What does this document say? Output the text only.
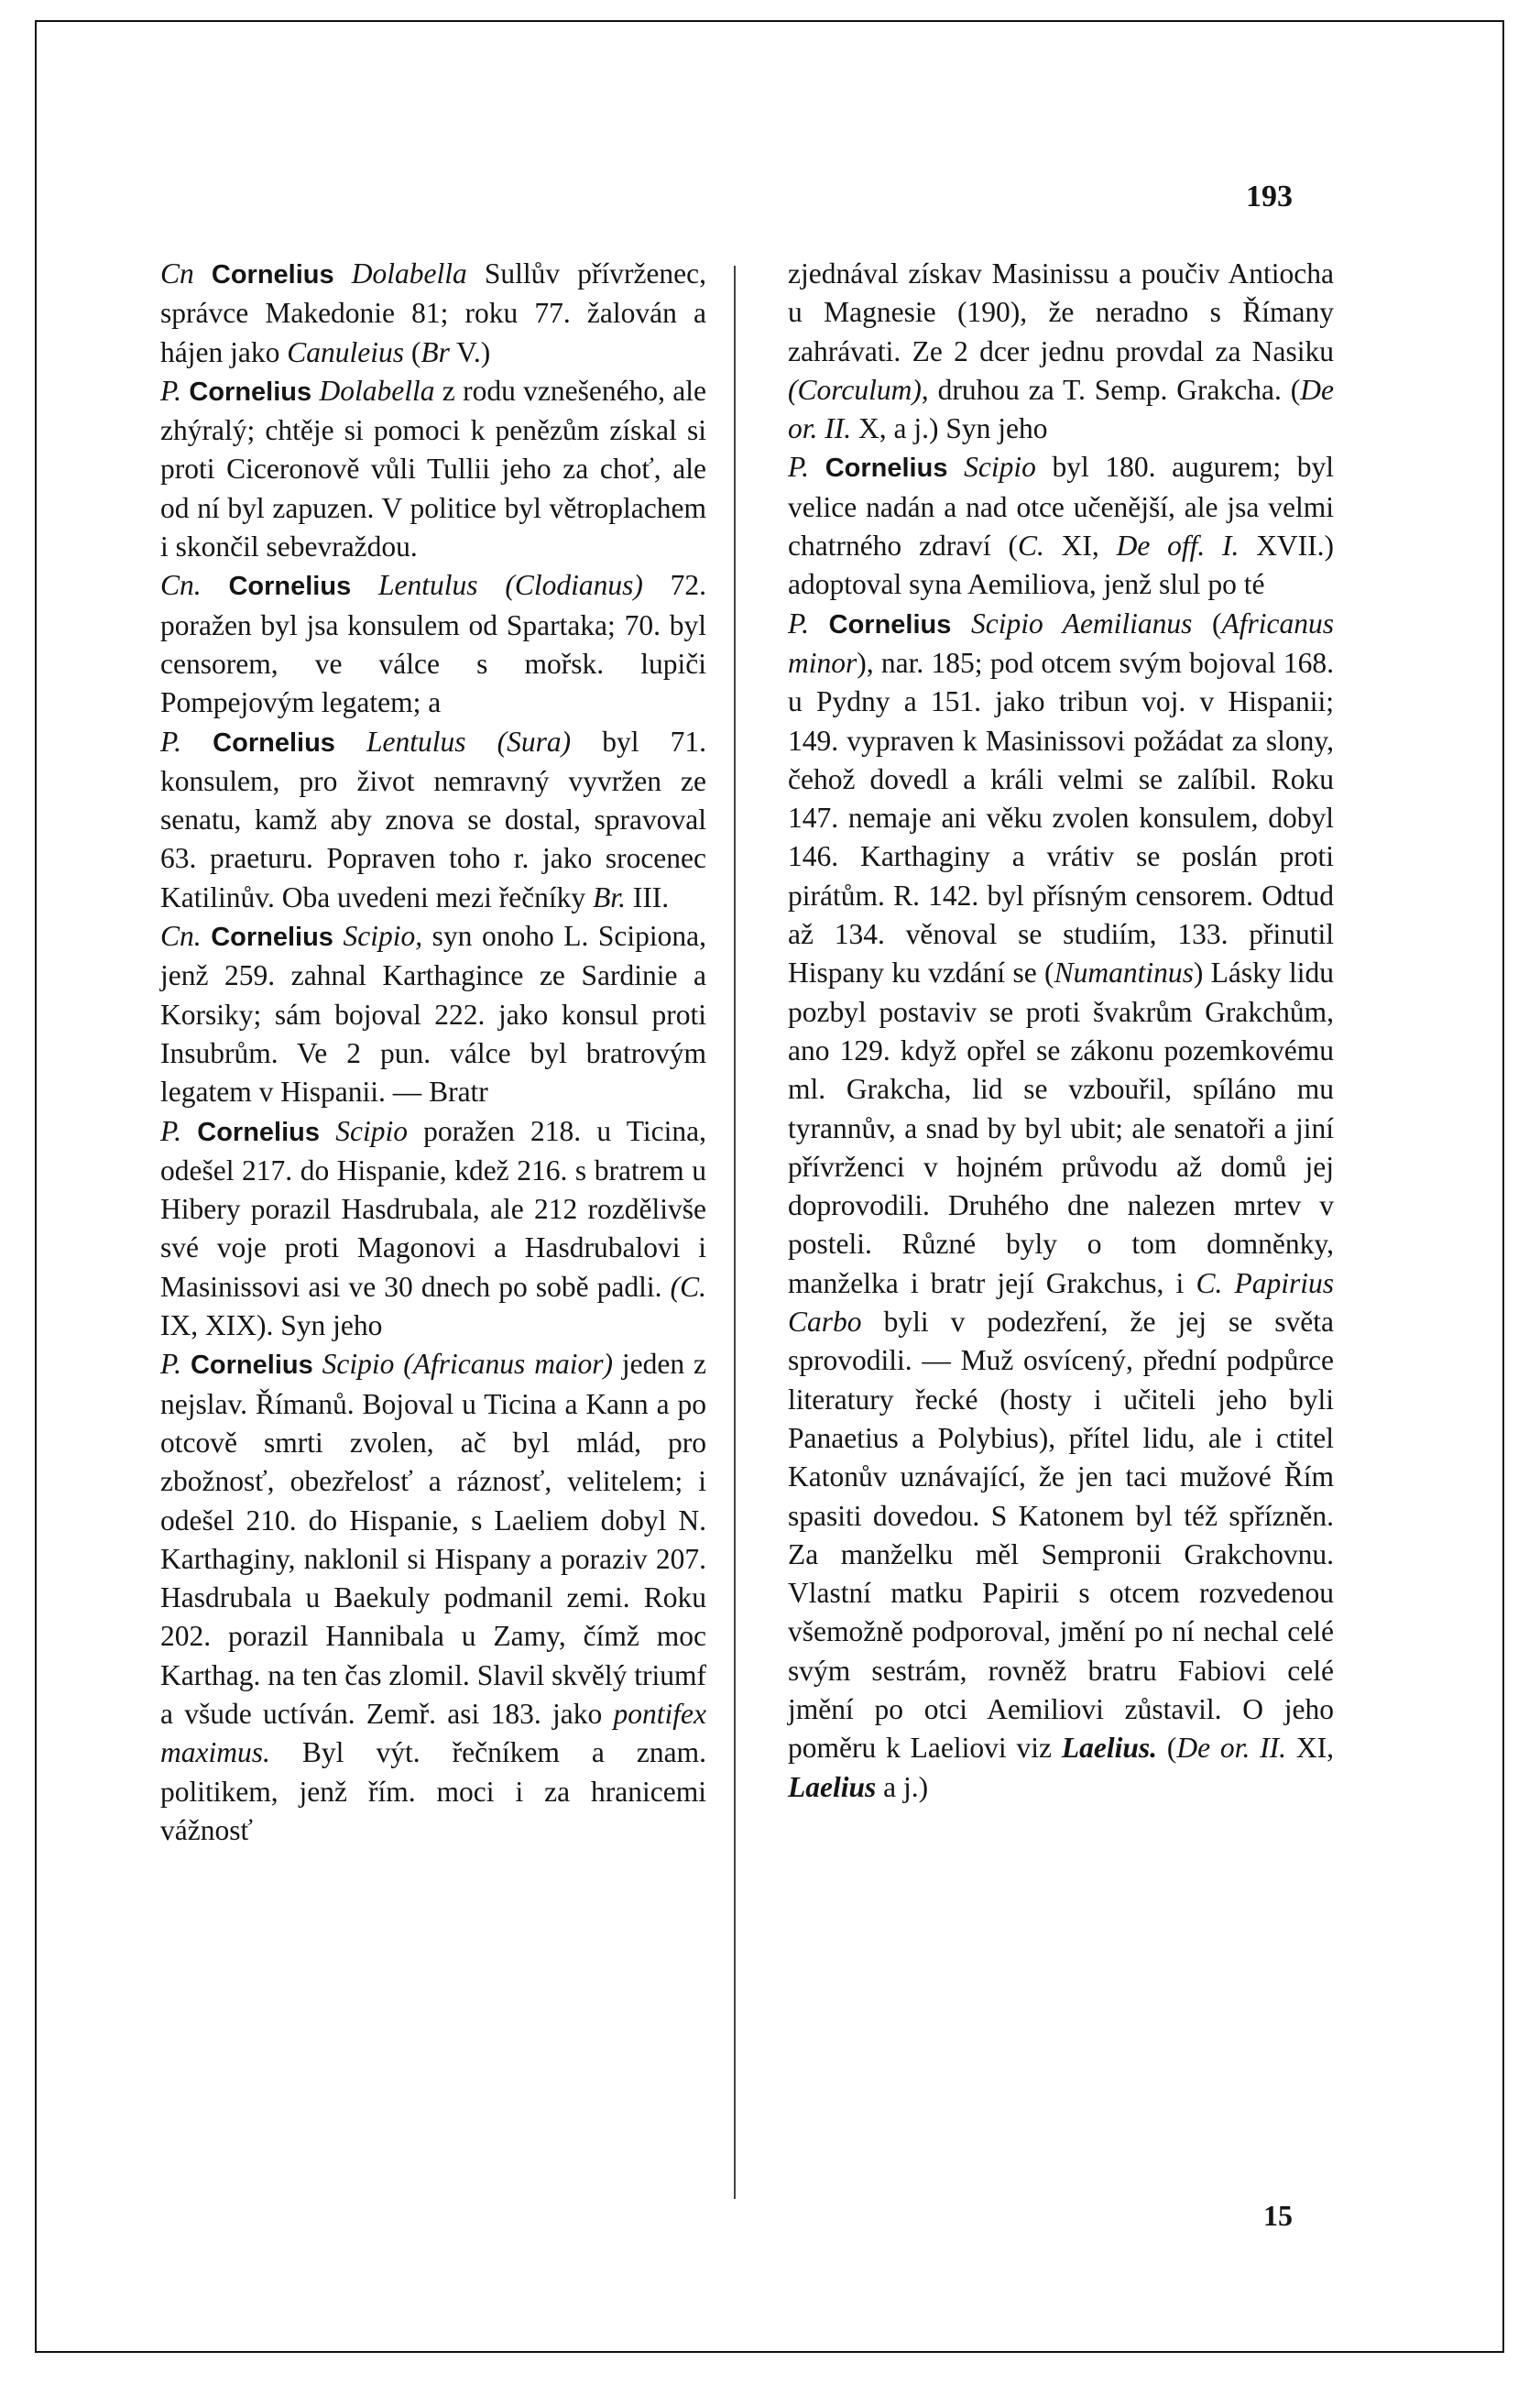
193

Cn Cornelius Dolabella Sullův přívrženec, správce Makedonie 81; roku 77. žalován a hájen jako Canuleius (Br V.)

P. Cornelius Dolabella z rodu vznešeného, ale zhýralý; chtěje si pomoci k penězům získal si proti Ciceronově vůli Tullii jeho za choť, ale od ní byl zapuzen. V politice byl větroplachem i skončil sebevraždou.

Cn. Cornelius Lentulus (Clodianus) 72. poražen byl jsa konsulem od Spartaka; 70. byl censorem, ve válce s mořsk. lupiči Pompejovým legatem; a

P. Cornelius Lentulus (Sura) byl 71. konsulem, pro život nemravný vyvržen ze senatu, kamž aby znova se dostal, spravoval 63. praeturu. Popraven toho r. jako srocenec Katilinův. Oba uvedeni mezi řečníky Br. III.

Cn. Cornelius Scipio, syn onoho L. Scipiona, jenž 259. zahnal Karthagince ze Sardinie a Korsiky; sám bojoval 222. jako konsul proti Insubrům. Ve 2 pun. válce byl bratrovým legatem v Hispanii. — Bratr

P. Cornelius Scipio poražen 218. u Ticina, odešel 217. do Hispanie, kdež 216. s bratrem u Hibery porazil Hasdrubala, ale 212 rozdělivše své voje proti Magonovi a Hasdrubalovi i Masinissovi asi ve 30 dnech po sobě padli. (C. IX, XIX). Syn jeho

P. Cornelius Scipio (Africanus maior) jeden z nejslav. Římanů. Bojoval u Ticina a Kann a po otcově smrti zvolen, ač byl mlád, pro zbožnosť, obezřelosť a ráznosť, velitelem; i odešel 210. do Hispanie, s Laeliem dobyl N. Karthaginy, naklonil si Hispany a poraziv 207. Hasdrubala u Baekuly podmanil zemi. Roku 202. porazil Hannibala u Zamy, čímž moc Karthag. na ten čas zlomil. Slavil skvělý triumf a všude uctíván. Zemř. asi 183. jako pontifex maximus. Byl výt. řečníkem a znam. politikem, jenž řím. moci i za hranicemi vážnosť

zjednával získav Masinissu a poučiv Antiocha u Magnesie (190), že neradno s Římany zahrávati. Ze 2 dcer jednu provdal za Nasiku (Corculum), druhou za T. Semp. Grakcha. (De or. II. X, a j.) Syn jeho

P. Cornelius Scipio byl 180. augurem; byl velice nadán a nad otce učenější, ale jsa velmi chatrného zdraví (C. XI, De off. I. XVII.) adoptoval syna Aemiliova, jenž slul po té

P. Cornelius Scipio Aemilianus (Africanus minor), nar. 185; pod otcem svým bojoval 168. u Pydny a 151. jako tribun voj. v Hispanii; 149. vypraven k Masinissovi požádat za slony, čehož dovedl a králi velmi se zalíbil. Roku 147. nemaje ani věku zvolen konsulem, dobyl 146. Karthaginy a vrátiv se poslán proti pirátům. R. 142. byl přísným censorem. Odtud až 134. věnoval se studiím, 133. přinutil Hispany ku vzdání se (Numantinus) Lásky lidu pozbyl postaviv se proti švakrům Grakchům, ano 129. když opřel se zákonu pozemkovému ml. Grakcha, lid se vzbouřil, spíláno mu tyrannův, a snad by byl ubit; ale senatoři a jiní přívrženci v hojném průvodu až domů jej doprovodili. Druhého dne nalezen mrtev v posteli. Různé byly o tom domněnky, manželka i bratr její Grakchus, i C. Papirius Carbo byli v podezření, že jej se světa sprovodili. — Muž osvícený, přední podpůrce literatury řecké (hosty i učiteli jeho byli Panaetius a Polybius), přítel lidu, ale i ctitel Katonův uznávající, že jen taci mužové Řím spasiti dovedou. S Katonem byl též spřízněn. Za manželku měl Sempronii Grakchovnu. Vlastní matku Papirii s otcem rozvedenou všemožně podporoval, jmění po ní nechal celé svým sestrám, rovněž bratru Fabiovi celé jmění po otci Aemiliovi zůstavil. O jeho poměru k Laeliovi viz Laelius. (De or. II. XI, Laelius a j.)

15
